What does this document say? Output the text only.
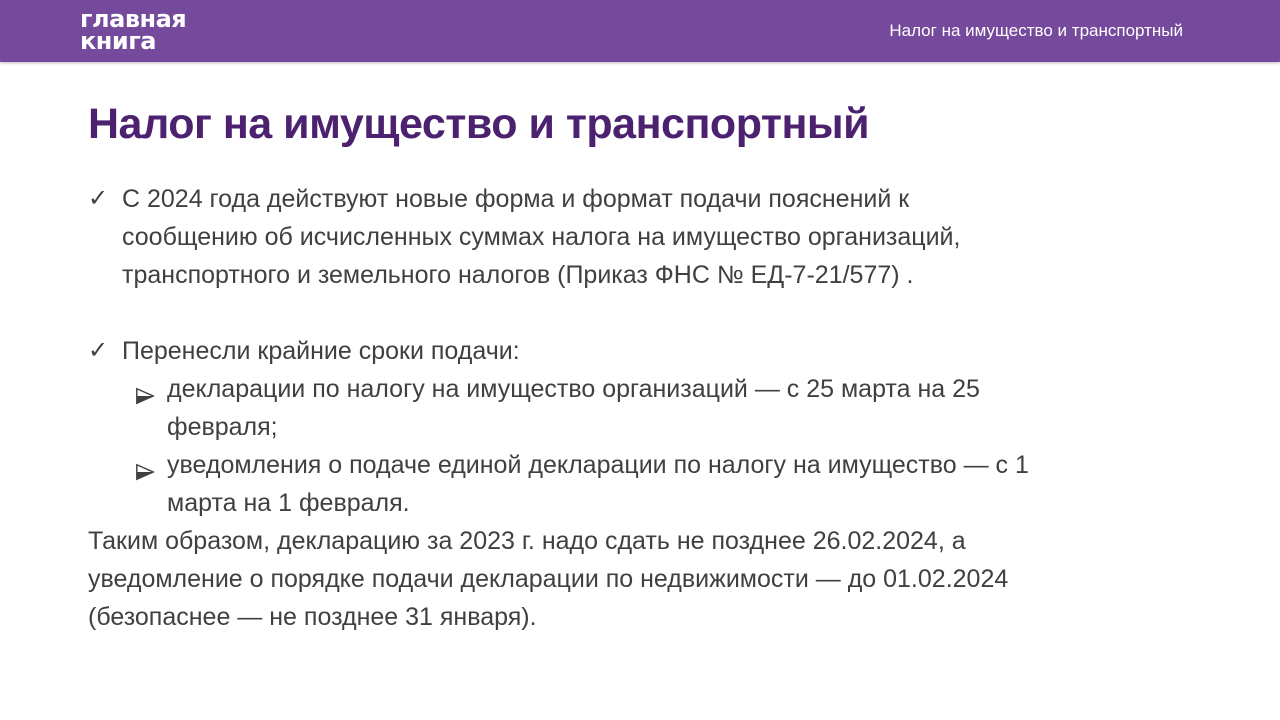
главная
книга	Налог на имущество и транспортный
Налог на имущество и транспортный
✓ С 2024 года действуют новые форма и формат подачи пояснений к
сообщению об исчисленных суммах налога на имущество организаций,
транспортного и земельного налогов (Приказ ФНС № ЕД-7-21/577) .
✓ Перенесли крайние сроки подачи:
декларации по налогу на имущество организаций — с 25 марта на 25
февраля;
уведомления о подаче единой декларации по налогу на имущество — с 1
марта на 1 февраля.
Таким образом, декларацию за 2023 г. надо сдать не позднее 26.02.2024, а
уведомление о порядке подачи декларации по недвижимости — до 01.02.2024
(безопаснее — не позднее 31 января).
